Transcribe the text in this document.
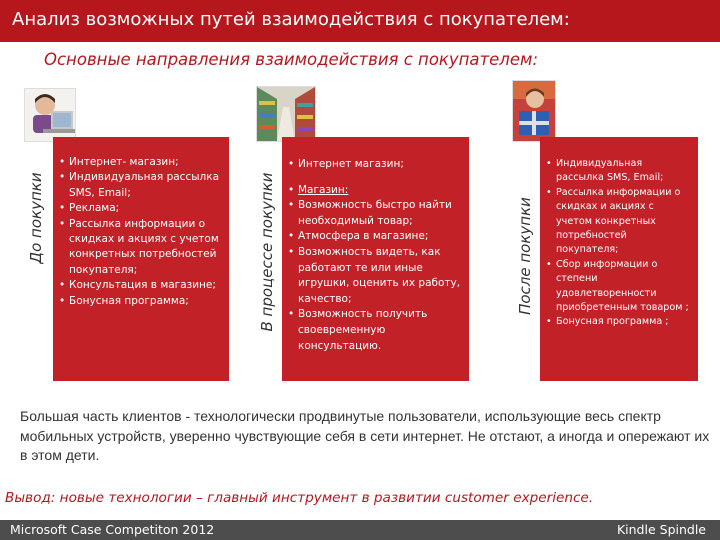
Анализ возможных путей взаимодействия с покупателем:
Основные направления взаимодействия с покупателем:
До покупки
• Интернет- магазин;
• Индивидуальная рассылка SMS, Email;
• Реклама;
• Рассылка информации о скидках и акциях с учетом конкретных потребностей покупателя;
• Консультация в магазине;
• Бонусная программа;	В процессе покупки
• Интернет магазин;
• Магазин:
• Возможность быстро найти необходимый товар;
• Атмосфера в магазине;
• Возможность видеть, как работают те или иные игрушки, оценить их работу, качество;
• Возможность получить своевременную консультацию.
После покупки
• Индивидуальная рассылка SMS, Email;
• Рассылка информации о скидках и акциях с учетом конкретных потребностей покупателя;
• Сбор информации о степени удовлетворенности приобретенным товаром ;
• Бонусная программа ;
Большая часть клиентов - технологически продвинутые пользователи, использующие весь спектр мобильных устройств, уверенно чувствующие себя в сети интернет. Не отстают, а иногда и опережают их в этом дети.
Вывод: новые технологии – главный инструмент в развитии customer experience.
Microsoft Case Competiton 2012	Kindle Spindle
